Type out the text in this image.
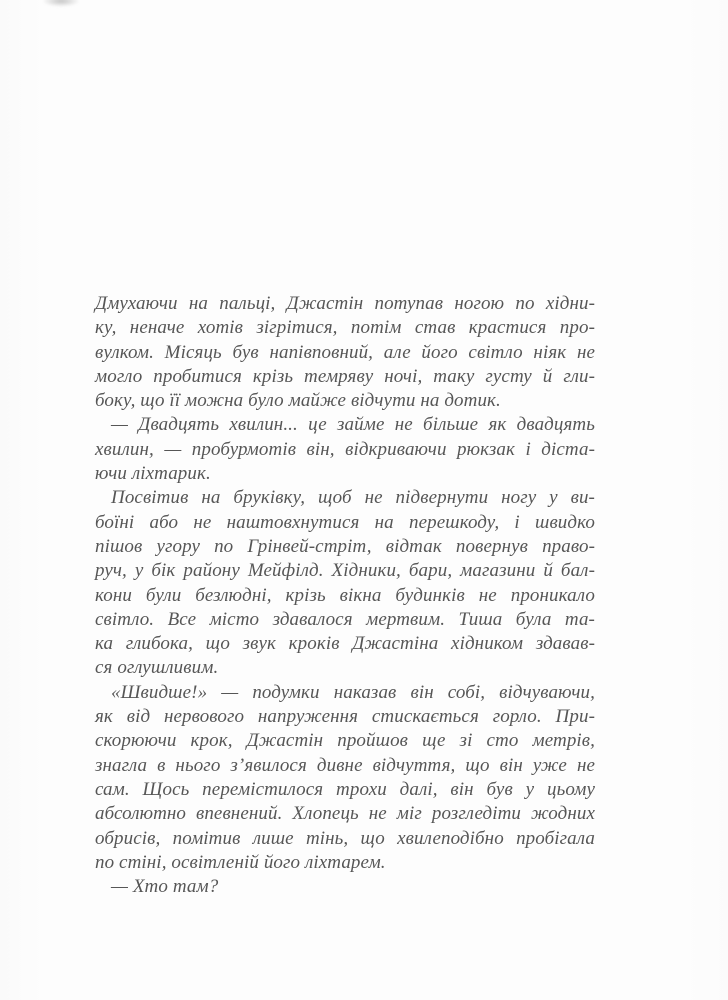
Дмухаючи на пальці, Джастін потупав ногою по хідни-
ку, неначе хотів зігрітися, потім став крастися про-
вулком. Місяць був напівповний, але його світло ніяк не
могло пробитися крізь темряву ночі, таку густу й гли-
боку, що її можна було майже відчути на дотик.
— Двадцять хвилин... це займе не більше як двадцять
хвилин, — пробурмотів він, відкриваючи рюкзак і діста-
ючи ліхтарик.
Посвітив на бруківку, щоб не підвернути ногу у ви-
боїні або не наштовхнутися на перешкоду, і швидко
пішов угору по Грінвей-стріт, відтак повернув право-
руч, у бік району Мейфілд. Хідники, бари, магазини й бал-
кони були безлюдні, крізь вікна будинків не проникало
світло. Все місто здавалося мертвим. Тиша була та-
ка глибока, що звук кроків Джастіна хідником здавав-
ся оглушливим.
«Швидше!» — подумки наказав він собі, відчуваючи,
як від нервового напруження стискається горло. При-
скорюючи крок, Джастін пройшов ще зі сто метрів,
знагла в нього з’явилося дивне відчуття, що він уже не
сам. Щось перемістилося трохи далі, він був у цьому
абсолютно впевнений. Хлопець не міг розгледіти жодних
обрисів, помітив лише тінь, що хвилеподібно пробігала
по стіні, освітленій його ліхтарем.
— Хто там?
